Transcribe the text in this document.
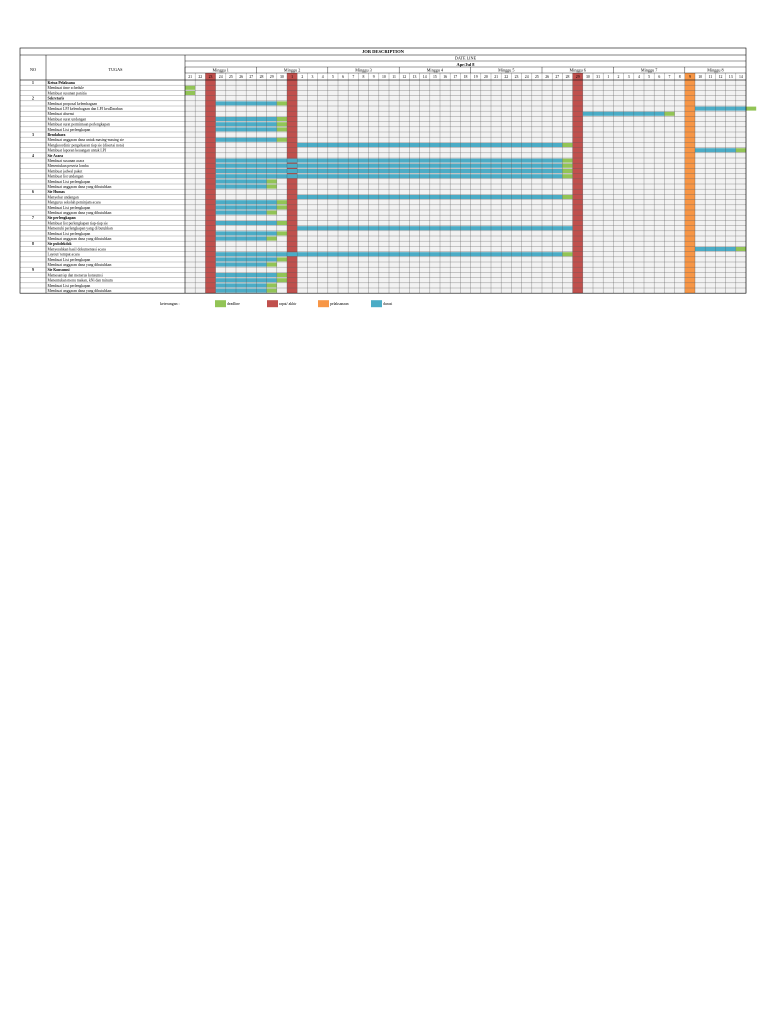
Minggu 1	Minggu 2	Minggu 3	Minggu 4	Minggu 5	Minggu 6	Minggu 7	Minggu 8
JOB DESCRIPTION
DATE LINE
Apr/Jul 8
NO	TUGAS
21 22 23 24 25 26 27 28 29 30 1 2 3 4 5 6 7 8 9 10 11 12 13 14 15 16 17 18 19 20 21 22 23 24 25 26 27 28 29 30 31 1 2 3 4 5 6 7 8 9 10 11 12 13 14
1	Ketua Pelaksana
Membuat time schedule
Membuat susunan panitia
2	Sekretaris
Membuat proposal kelembagaan
Membuat LPJ kelembagaan dan LPJ keuDaraban
Membuat absensi
Membuat surat undangan
Membuat surat permintaan perlengkapan
Membuat List perlengkapan
3	Bendahara
Membuat anggaran dana untuk masing-masing sie
Mengkoordinir pengeluaran tiap sie (disertai nota)
Membuat laporan keuangan untuk LPJ
4	Sie Acara
Membuat susunan acara
Menentukan peserta lomba
Membuat jadwal paket
Membuat list undangan
Membuat List perlengkapan
Membuat anggaran dana yang dibutuhkan
6	Sie Humas
Menyebar undangan
Mengurus sekolah peminjam acara
Membuat List perlengkapan
Membuat anggaran dana yang dibutuhkan
7	Sie perlengkapan
Membuat list perlengkapan tiap-tiap sie
Memenuhi perlengkapan yang di butuhkan
Membuat List perlengkapan
Membuat anggaran dana yang dibutuhkan
8	Sie pubdekdok
Menyerahkan hasil dokumentasi acara
Layout/ tempat acara
Membuat List perlengkapan
Membuat anggaran dana yang dibutuhkan
9	Sie Konsumsi
Memesan/ap dan menerus konsumsi
Menentukan menu makan, kNi dan minum
Membuat List perlengkapan
Membuat anggaran dana yang dibutuhkan
keterangan :	deadline	rapat/ akhir	pelaksanaan	durasi
